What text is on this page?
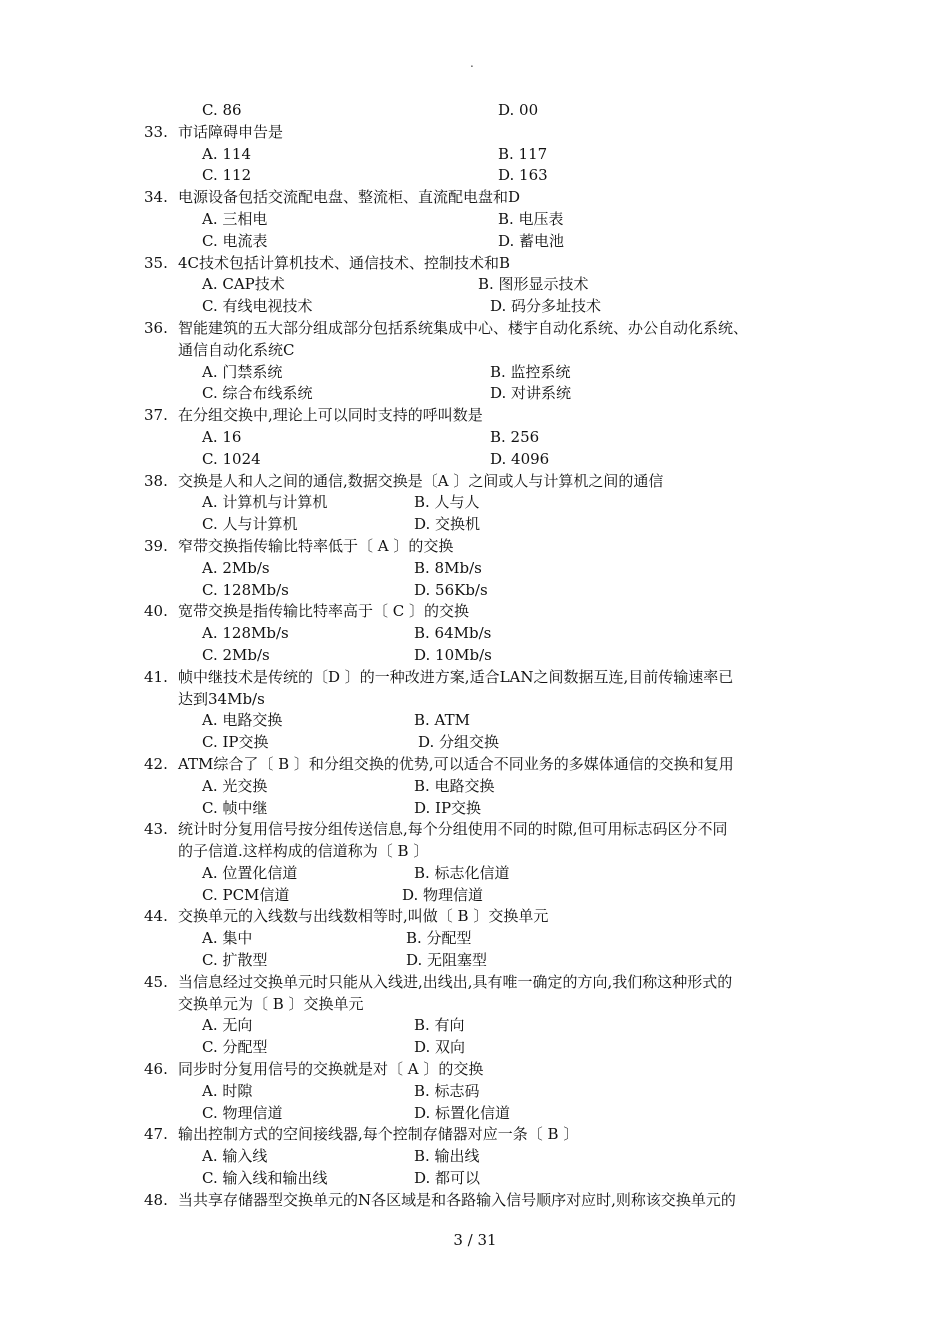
.
C. 86	D. 00
33. 市话障碍申告是
A. 114	B. 117
C. 112	D. 163
34. 电源设备包括交流配电盘、整流柜、直流配电盘和D
A. 三相电	B. 电压表
C. 电流表	D. 蓄电池
35. 4C技术包括计算机技术、通信技术、控制技术和B
A. CAP技术	B. 图形显示技术
C. 有线电视技术	D. 码分多址技术
36. 智能建筑的五大部分组成部分包括系统集成中心、楼宇自动化系统、办公自动化系统、
通信自动化系统C
A. 门禁系统	B. 监控系统
C. 综合布线系统	D. 对讲系统
37. 在分组交换中,理论上可以同时支持的呼叫数是
A. 16	B. 256
C. 1024	D. 4096
38. 交换是人和人之间的通信,数据交换是〔A 〕之间或人与计算机之间的通信
A. 计算机与计算机	B. 人与人
C. 人与计算机	D. 交换机
39. 窄带交换指传输比特率低于〔 A 〕的交换
A. 2Mb/s	B. 8Mb/s
C. 128Mb/s	D. 56Kb/s
40. 宽带交换是指传输比特率高于〔 C 〕的交换
A. 128Mb/s	B. 64Mb/s
C. 2Mb/s	D. 10Mb/s
41. 帧中继技术是传统的〔D 〕的一种改进方案,适合LAN之间数据互连,目前传输速率已
达到34Mb/s
A. 电路交换	B. ATM
C. IP交换	D. 分组交换
42. ATM综合了〔 B 〕和分组交换的优势,可以适合不同业务的多媒体通信的交换和复用
A. 光交换	B. 电路交换
C. 帧中继	D. IP交换
43. 统计时分复用信号按分组传送信息,每个分组使用不同的时隙,但可用标志码区分不同
的子信道.这样构成的信道称为〔 B 〕
A. 位置化信道	B. 标志化信道
C. PCM信道	D. 物理信道
44. 交换单元的入线数与出线数相等时,叫做〔 B 〕交换单元
A. 集中	B. 分配型
C. 扩散型	D. 无阻塞型
45. 当信息经过交换单元时只能从入线进,出线出,具有唯一确定的方向,我们称这种形式的
交换单元为〔 B 〕交换单元
A. 无向	B. 有向
C. 分配型	D. 双向
46. 同步时分复用信号的交换就是对〔 A 〕的交换
A. 时隙	B. 标志码
C. 物理信道	D. 标置化信道
47. 输出控制方式的空间接线器,每个控制存储器对应一条〔 B 〕
A. 输入线	B. 输出线
C. 输入线和输出线	D. 都可以
48. 当共享存储器型交换单元的N各区域是和各路输入信号顺序对应时,则称该交换单元的
3 / 31
